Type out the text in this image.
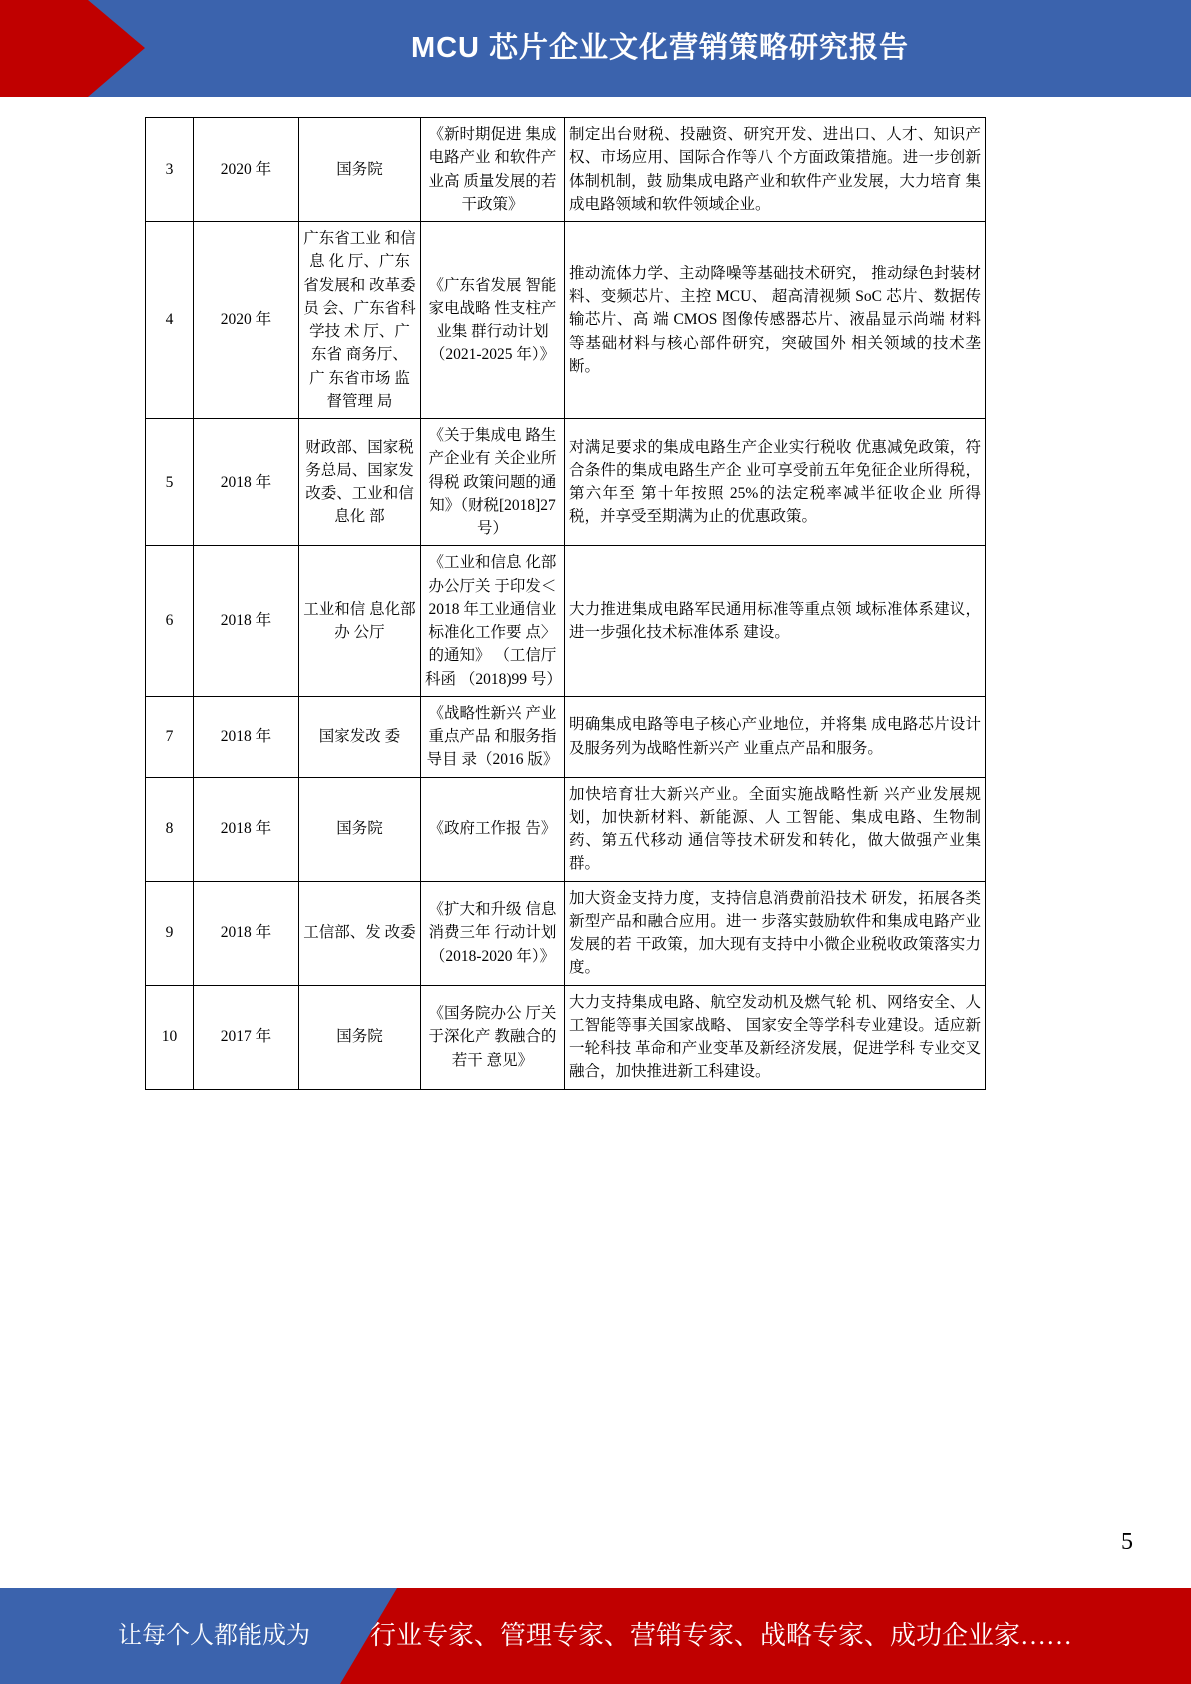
MCU 芯片企业文化营销策略研究报告
3	2020 年	国务院	《新时期促进 集成电路产业 和软件产业高 质量发展的若 干政策》	制定出台财税、投融资、研究开发、进出口、人才、知识产权、市场应用、国际合作等八 个方面政策措施。进一步创新体制机制，鼓 励集成电路产业和软件产业发展，大力培育 集成电路领域和软件领域企业。
4	2020 年	广东省工业 和信息 化 厅、广东省发展和 改革委员 会、广东省科学技 术 厅、广东省 商务厅、 广 东省市场 监督管理 局	《广东省发展 智能家电战略 性支柱产业集 群行动计划（2021-2025 年）》	推动流体力学、主动降噪等基础技术研究， 推动绿色封装材料、变频芯片、主控 MCU、 超高清视频 SoC 芯片、数据传输芯片、高 端 CMOS 图像传感器芯片、液晶显示尚端 材料等基础材料与核心部件研究，突破国外 相关领域的技术垄断。
5	2018 年	财政部、国家税务总局、国家发改委、工业和信息化 部	《关于集成电 路生产企业有 关企业所得税 政策问题的通 知》（财税[2018]27 号）	对满足要求的集成电路生产企业实行税收 优惠减免政策，符合条件的集成电路生产企 业可享受前五年免征企业所得税，第六年至 第十年按照 25%的法定税率减半征收企业 所得税，并享受至期满为止的优惠政策。
6	2018 年	工业和信 息化部办 公厅	《工业和信息 化部办公厅关 于印发＜2018 年工业通信业 标准化工作要 点〉的通知》 （工信厅科函 （2018)99 号）	大力推进集成电路军民通用标准等重点领 域标准体系建议，进一步强化技术标准体系 建设。
7	2018 年	国家发改 委	《战略性新兴 产业重点产品 和服务指导目 录（2016 版》	明确集成电路等电子核心产业地位，并将集 成电路芯片设计及服务列为战略性新兴产 业重点产品和服务。
8	2018 年	国务院	《政府工作报 告》	加快培育壮大新兴产业。全面实施战略性新 兴产业发展规划，加快新材料、新能源、人 工智能、集成电路、生物制药、第五代移动 通信等技术研发和转化，做大做强产业集 群。
9	2018 年	工信部、发 改委	《扩大和升级 信息消费三年 行动计划（2018-2020 年）》	加大资金支持力度，支持信息消费前沿技术 研发，拓展各类新型产品和融合应用。进一 步落实鼓励软件和集成电路产业发展的若 干政策，加大现有支持中小微企业税收政策落实力度。
10	2017 年	国务院	《国务院办公 厅关于深化产 教融合的若干 意见》	大力支持集成电路、航空发动机及燃气轮 机、网络安全、人工智能等事关国家战略、 国家安全等学科专业建设。适应新一轮科技 革命和产业变革及新经济发展，促进学科 专业交叉融合，加快推进新工科建设。
5
让每个人都能成为 行业专家、管理专家、营销专家、战略专家、成功企业家……
